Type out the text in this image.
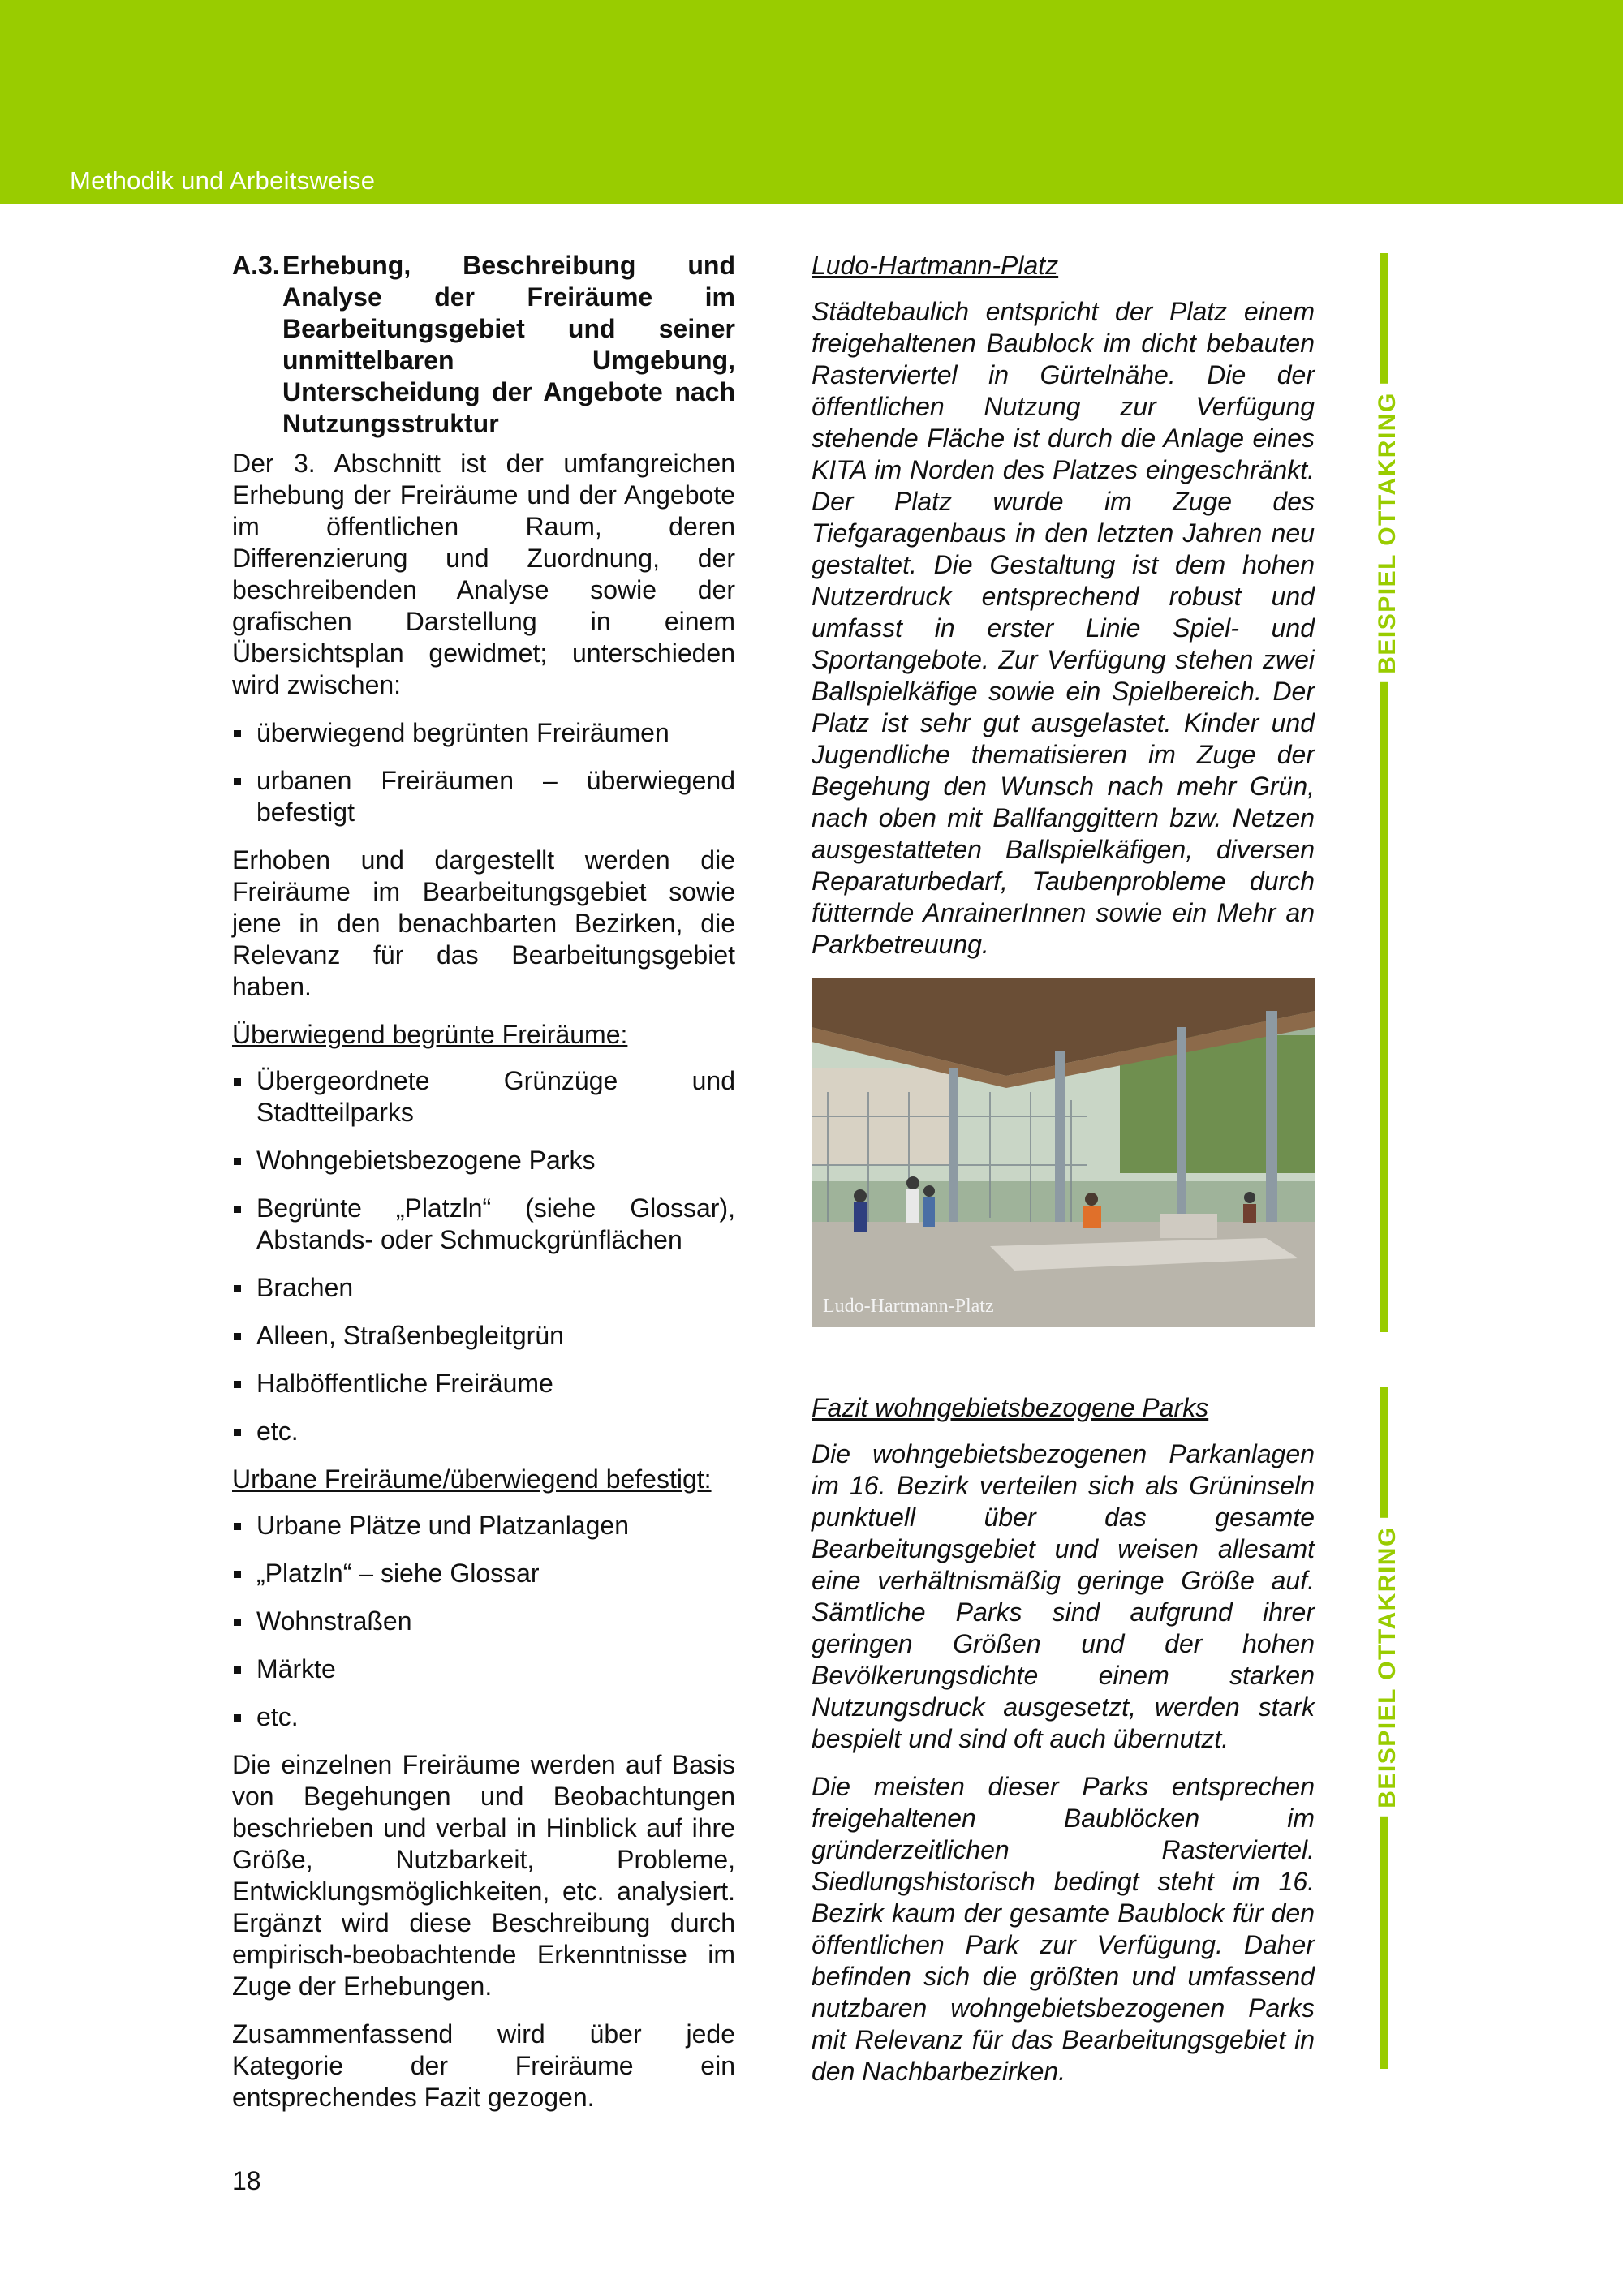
Methodik und Arbeitsweise
A.3. Erhebung, Beschreibung und Analyse der Freiräume im Bearbeitungsgebiet und seiner unmittelbaren Umgebung, Unterscheidung der Angebote nach Nutzungsstruktur

Der 3. Abschnitt ist der umfangreichen Erhebung der Freiräume und der Angebote im öffentlichen Raum, deren Differenzierung und Zuordnung, der beschreibenden Analyse sowie der grafischen Darstellung in einem Übersichtsplan gewidmet; unterschieden wird zwischen:

überwiegend begrünten Freiräumen
urbanen Freiräumen – überwiegend befestigt

Erhoben und dargestellt werden die Freiräume im Bearbeitungsgebiet sowie jene in den benachbarten Bezirken, die Relevanz für das Bearbeitungsgebiet haben.

Überwiegend begrünte Freiräume:
Übergeordnete Grünzüge und Stadtteilparks
Wohngebietsbezogene Parks
Begrünte „Platzln“ (siehe Glossar), Abstands- oder Schmuckgrünflächen
Brachen
Alleen, Straßenbegleitgrün
Halböffentliche Freiräume
etc.
Urbane Freiräume/überwiegend befestigt:
Urbane Plätze und Platzanlagen
„Platzln“ – siehe Glossar
Wohnstraßen
Märkte
etc.

Die einzelnen Freiräume werden auf Basis von Begehungen und Beobachtungen beschrieben und verbal in Hinblick auf ihre Größe, Nutzbarkeit, Probleme, Entwicklungsmöglichkeiten, etc. analysiert. Ergänzt wird diese Beschreibung durch empirisch-beobachtende Erkenntnisse im Zuge der Erhebungen.

Zusammenfassend wird über jede Kategorie der Freiräume ein entsprechendes Fazit gezogen.

Ludo-Hartmann-Platz

Städtebaulich entspricht der Platz einem freigehaltenen Baublock im dicht bebauten Rasterviertel in Gürtelnähe. Die der öffentlichen Nutzung zur Verfügung stehende Fläche ist durch die Anlage eines KITA im Norden des Platzes eingeschränkt. Der Platz wurde im Zuge des Tiefgaragenbaus in den letzten Jahren neu gestaltet. Die Gestaltung ist dem hohen Nutzerdruck entsprechend robust und umfasst in erster Linie Spiel- und Sportangebote. Zur Verfügung stehen zwei Ballspielkäfige sowie ein Spielbereich. Der Platz ist sehr gut ausgelastet. Kinder und Jugendliche thematisieren im Zuge der Begehung den Wunsch nach mehr Grün, nach oben mit Ballfanggittern bzw. Netzen ausgestatteten Ballspielkäfigen, diversen Reparaturbedarf, Taubenprobleme durch fütternde AnrainerInnen sowie ein Mehr an Parkbetreuung.

Ludo-Hartmann-Platz
Fazit wohngebietsbezogene Parks

Die wohngebietsbezogenen Parkanlagen im 16. Bezirk verteilen sich als Grüninseln punktuell über das gesamte Bearbeitungsgebiet und weisen allesamt eine verhältnismäßig geringe Größe auf. Sämtliche Parks sind aufgrund ihrer geringen Größen und der hohen Bevölkerungsdichte einem starken Nutzungsdruck ausgesetzt, werden stark bespielt und sind oft auch übernutzt.

Die meisten dieser Parks entsprechen freigehaltenen Baublöcken im gründerzeitlichen Rasterviertel. Siedlungshistorisch bedingt steht im 16. Bezirk kaum der gesamte Baublock für den öffentlichen Park zur Verfügung. Daher befinden sich die größten und umfassend nutzbaren wohngebietsbezogenen Parks mit Relevanz für das Bearbeitungsgebiet in den Nachbarbezirken.

BEISPIEL OTTAKRING
BEISPIEL OTTAKRING
18
